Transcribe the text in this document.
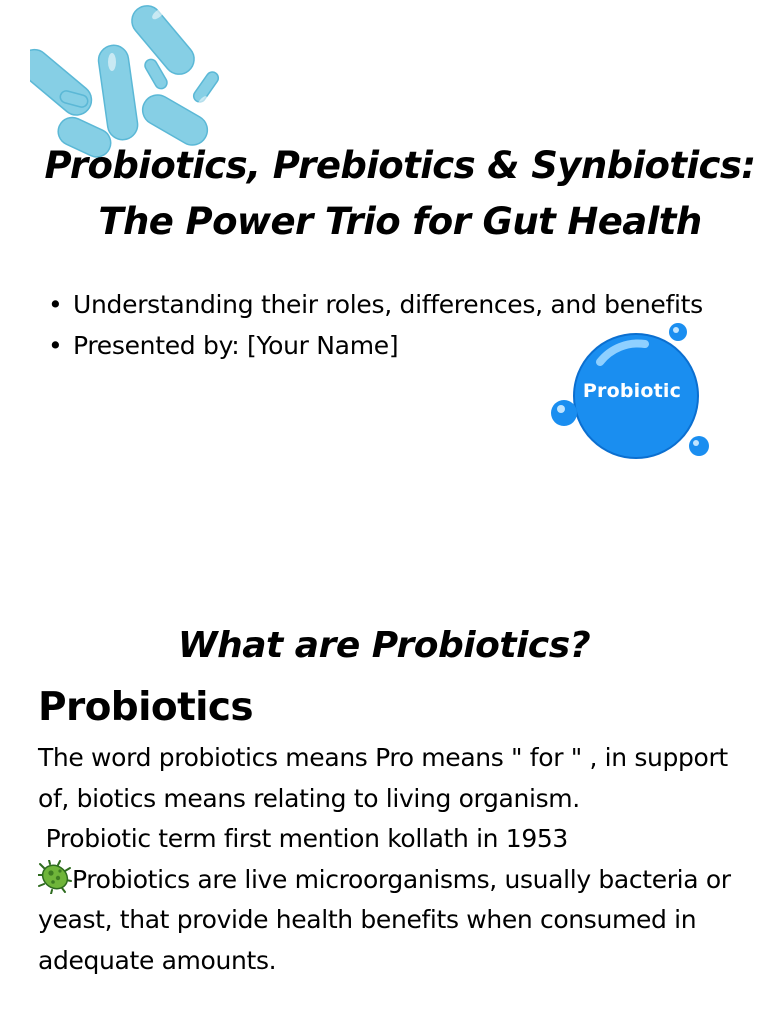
Probiotic
Probiotics, Prebiotics & Synbiotics:
The Power Trio for Gut Health
• Understanding their roles, differences, and benefits
• Presented by: [Your Name]
What are Probiotics?
Probiotics

The word probiotics means Pro means " for " , in support of, biotics means relating to living organism.

Probiotic term first mention kollath in 1953

Probiotics are live microorganisms, usually bacteria or yeast, that provide health benefits when consumed in adequate amounts.
